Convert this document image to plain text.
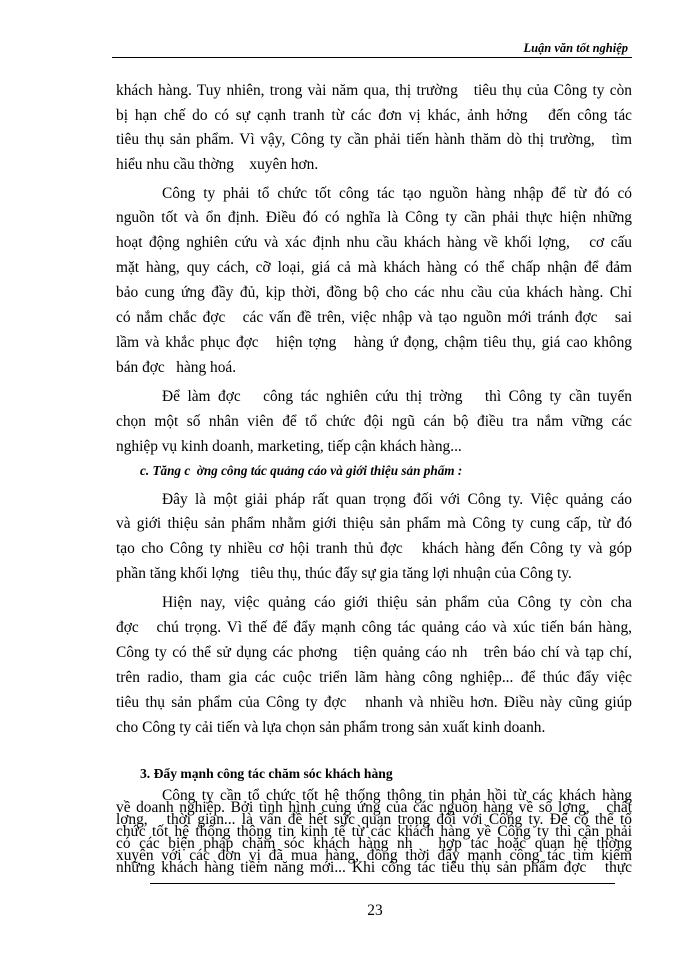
Luận văn tốt nghiệp
khách hàng. Tuy nhiên, trong vài năm qua, thị trường   tiêu thụ của Công ty còn
bị hạn chế do có sự cạnh tranh từ các đơn vị khác, ảnh hởng   đến công tác
tiêu thụ sản phẩm. Vì vậy, Công ty cần phải tiến hành thăm dò thị trường,   tìm
hiểu nhu cầu thờng    xuyên hơn.
Công ty phải tổ chức tốt công tác tạo nguồn hàng nhập để từ đó có
nguồn tốt và ổn định. Điều đó có nghĩa là Công ty cần phải thực hiện những
hoạt động nghiên cứu và xác định nhu cầu khách hàng về khối lợng,   cơ cấu
mặt hàng, quy cách, cỡ loại, giá cả mà khách hàng có thể chấp nhận để đảm
bảo cung ứng đầy đủ, kịp thời, đồng bộ cho các nhu cầu của khách hàng. Chỉ
có nắm chắc đợc   các vấn đề trên, việc nhập và tạo nguồn mới tránh đợc   sai
lầm và khắc phục đợc   hiện tợng   hàng ứ đọng, chậm tiêu thụ, giá cao không
bán đợc   hàng hoá.
Để làm đợc   công tác nghiên cứu thị trờng   thì Công ty cần tuyển
chọn một số nhân viên để tổ chức đội ngũ cán bộ điều tra nắm vững các
nghiệp vụ kinh doanh, marketing, tiếp cận khách hàng...
c. Tăng c  ờng công tác quảng cáo và giới thiệu sản phẩm :
Đây là một giải pháp rất quan trọng đối với Công ty. Việc quảng cáo
và giới thiệu sản phẩm nhằm giới thiệu sản phẩm mà Công ty cung cấp, từ đó
tạo cho Công ty nhiều cơ hội tranh thủ đợc   khách hàng đến Công ty và góp
phần tăng khối lợng   tiêu thụ, thúc đẩy sự gia tăng lợi nhuận của Công ty.
Hiện nay, việc quảng cáo giới thiệu sản phẩm của Công ty còn cha
đợc   chú trọng. Vì thế để đẩy mạnh công tác quảng cáo và xúc tiến bán hàng,
Công ty có thể sử dụng các phơng   tiện quảng cáo nh   trên báo chí và tạp chí,
trên radio, tham gia các cuộc triển lãm hàng công nghiệp... để thúc đẩy việc
tiêu thụ sản phẩm của Công ty đợc   nhanh và nhiều hơn. Điều này cũng giúp
cho Công ty cải tiến và lựa chọn sản phẩm trong sản xuất kinh doanh.
3. Đẩy mạnh công tác chăm sóc khách hàng
Công ty cần tổ chức tốt hệ thống thông tin phản hồi từ các khách hàng
về doanh nghiệp. Bởi tình hình cung ứng của các nguồn hàng về số lợng,   chất
lợng,   thời gian... là vấn đề hết sức quan trọng đối với Công ty. Để có thể tổ
chức tốt hệ thống thông tin kinh tế từ các khách hàng về Công ty thì cần phải
có các biện pháp chăm sóc khách hàng nh   hợp tác hoặc quan hệ thờng
xuyên với các đơn vị đã mua hàng, đồng thời đẩy mạnh công tác tìm kiếm
những khách hàng tiềm năng mới... Khi công tác tiêu thụ sản phẩm đợc   thực
23
